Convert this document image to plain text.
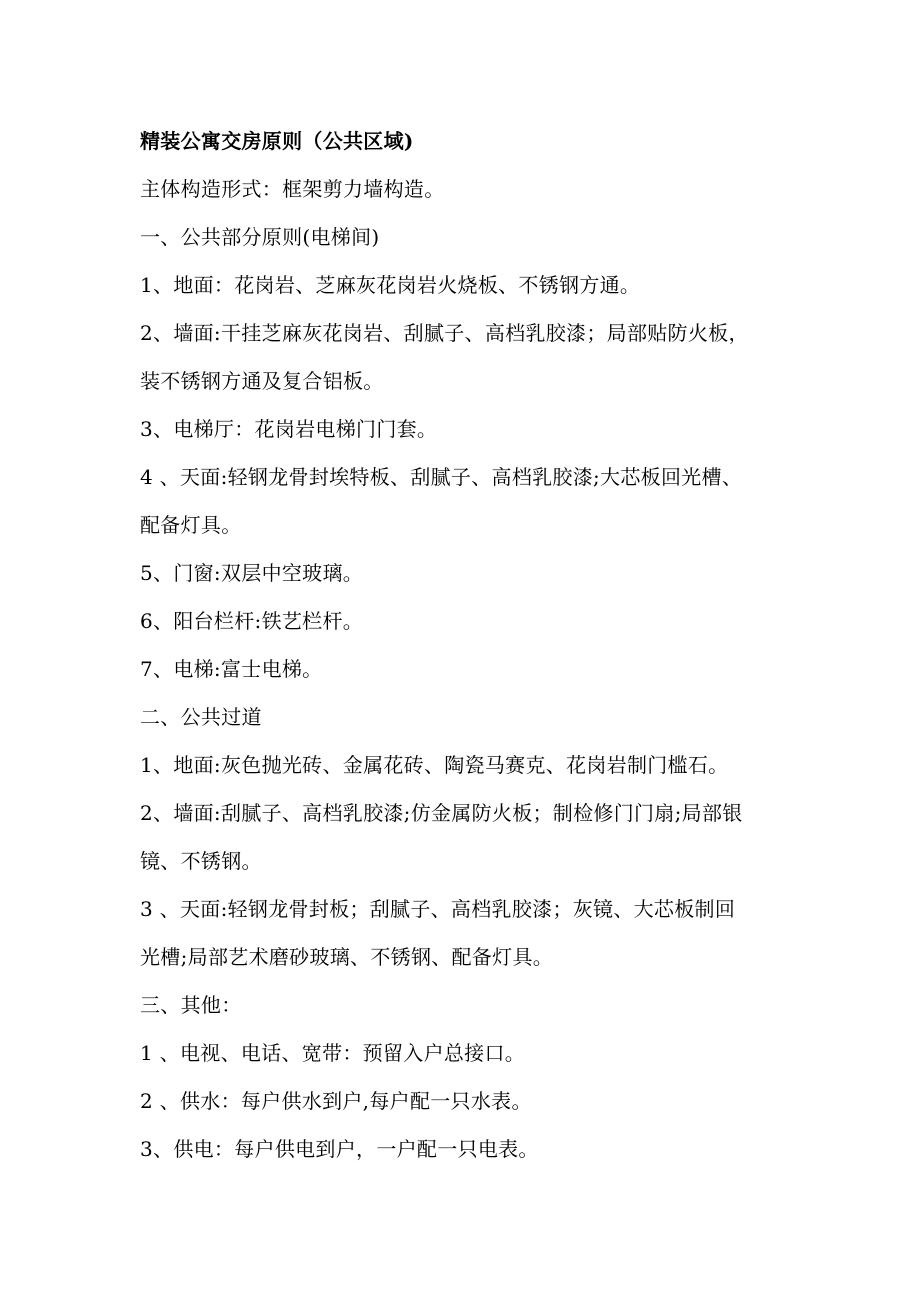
精装公寓交房原则（公共区域)
主体构造形式：框架剪力墙构造。
一、公共部分原则(电梯间)
1、地面：花岗岩、芝麻灰花岗岩火烧板、不锈钢方通。
2、墙面:干挂芝麻灰花岗岩、刮腻子、高档乳胶漆；局部贴防火板，
装不锈钢方通及复合铝板。
3、电梯厅：花岗岩电梯门门套。
4 、天面:轻钢龙骨封埃特板、刮腻子、高档乳胶漆;大芯板回光槽、
配备灯具。
5、门窗:双层中空玻璃。
6、阳台栏杆:铁艺栏杆。
7、电梯:富士电梯。
二、公共过道
1、地面:灰色抛光砖、金属花砖、陶瓷马赛克、花岗岩制门槛石。
2、墙面:刮腻子、高档乳胶漆;仿金属防火板；制检修门门扇;局部银
镜、不锈钢。
3 、天面:轻钢龙骨封板；刮腻子、高档乳胶漆；灰镜、大芯板制回
光槽;局部艺术磨砂玻璃、不锈钢、配备灯具。
三、其他：
1 、电视、电话、宽带：预留入户总接口。
2 、供水：每户供水到户,每户配一只水表。
3、供电：每户供电到户，一户配一只电表。
